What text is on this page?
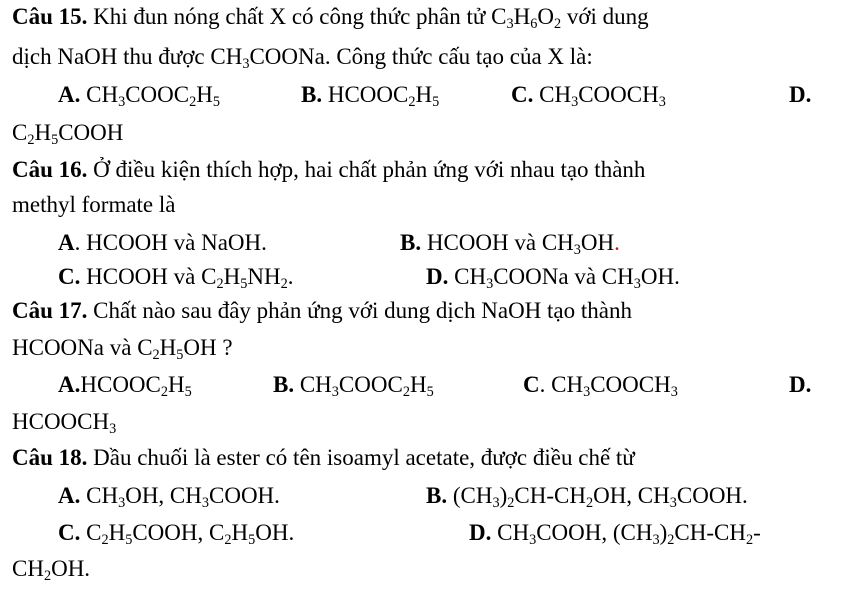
Câu 15. Khi đun nóng chất X có công thức phân tử $C_3H_6O_2$ với dung
dịch NaOH thu được $CH_3COONa$. Công thức cấu tạo của X là:
A. $CH_3COOC_2H_5$	B. $HCOOC_2H_5$	C. $CH_3COOCH_3$	D.
$C_2H_5COOH$
Câu 16. Ở điều kiện thích hợp, hai chất phản ứng với nhau tạo thành
methyl formate là
A. HCOOH và NaOH.	B. HCOOH và $CH_3OH$.
C. HCOOH và $C_2H_5NH_2$.	D. $CH_3COONa$ và $CH_3OH$.
Câu 17. Chất nào sau đây phản ứng với dung dịch NaOH tạo thành
HCOONa và $C_2H_5OH$ ?
$A.HCOOC_2H_5$	B. $CH_3COOC_2H_5$	C. $CH_3COOCH_3$	D.
$HCOOCH_3$
Câu 18. Dầu chuối là ester có tên isoamyl acetate, được điều chế từ
A. $CH_3OH$, $CH_3COOH$.	B. $(CH_3)_2CH-CH_2OH$, $CH_3COOH$.
C. $C_2H_5COOH$, $C_2H_5OH$.	D. $CH_3COOH$, $(CH_3)_2CH-CH_2-$
$CH_2OH$.
